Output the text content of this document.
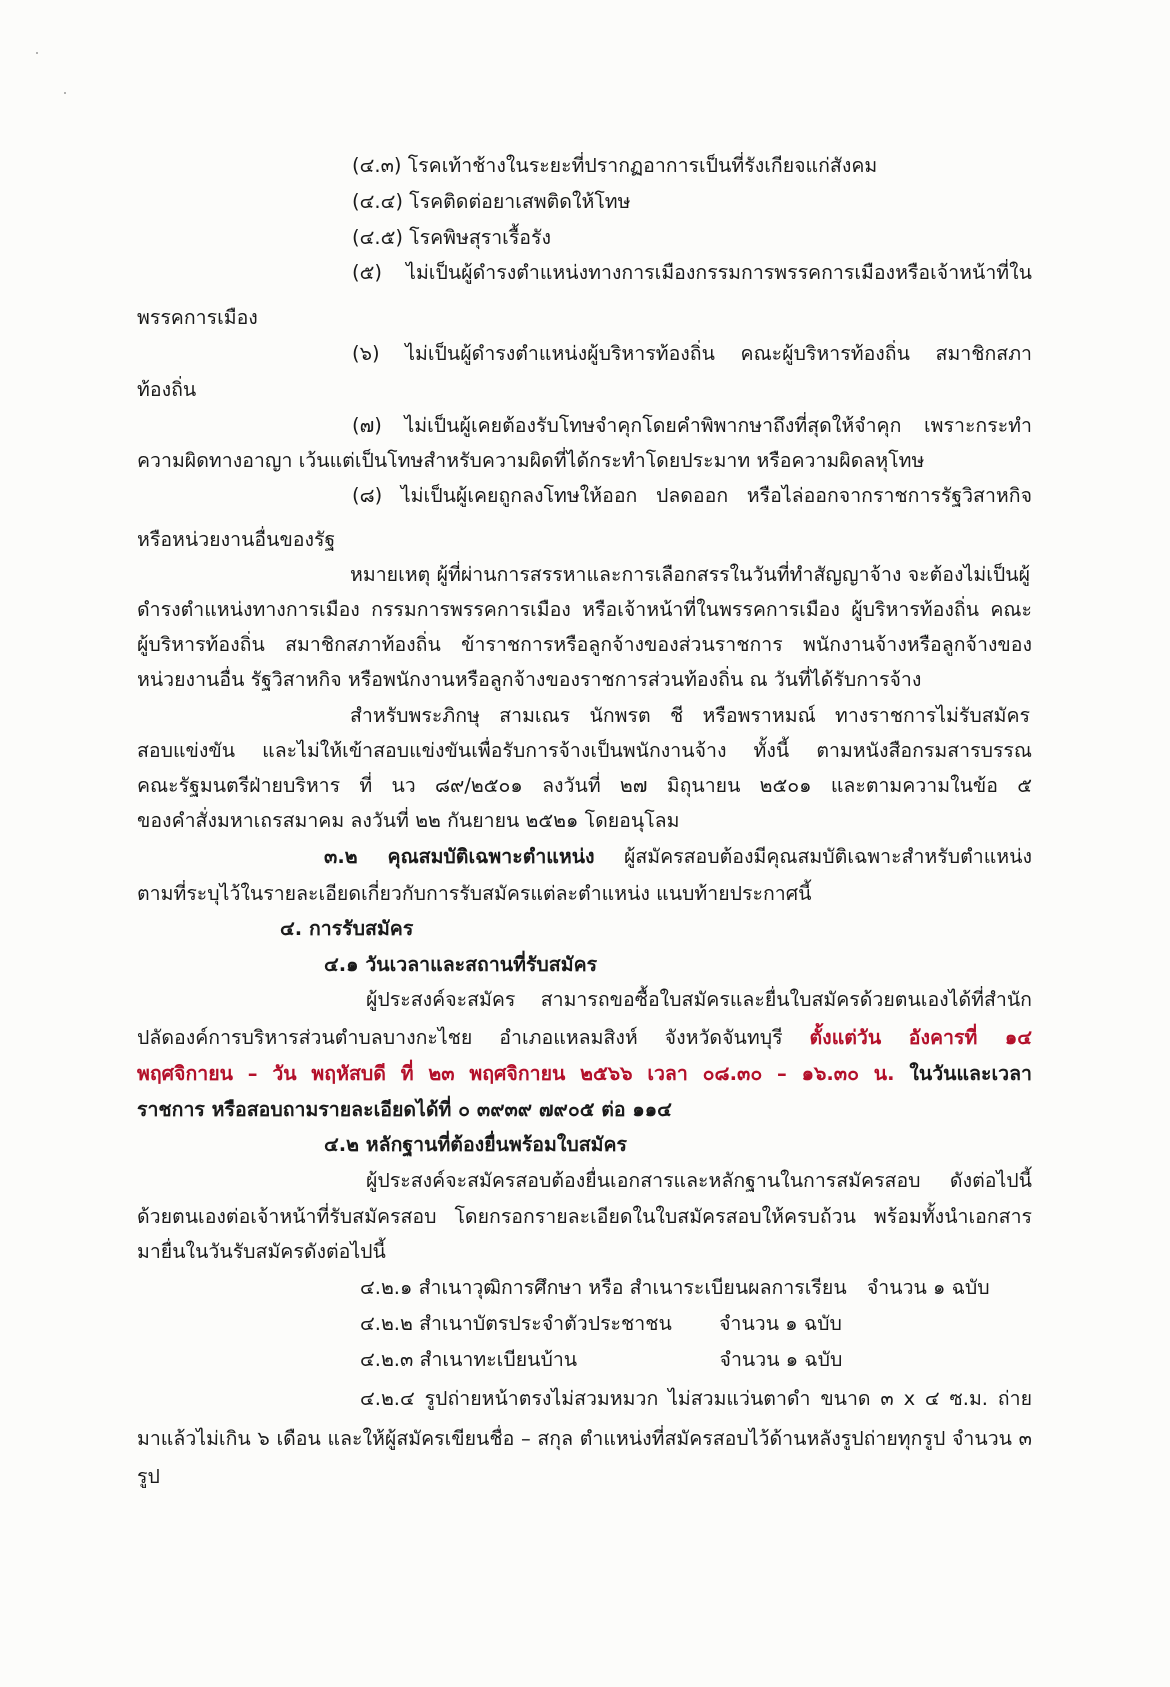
(๔.๓) โรคเท้าช้างในระยะที่ปรากฏอาการเป็นที่รังเกียจแก่สังคม
(๔.๔) โรคติดต่อยาเสพติดให้โทษ
(๔.๕) โรคพิษสุราเรื้อรัง
(๕) ไม่เป็นผู้ดำรงตำแหน่งทางการเมืองกรรมการพรรคการเมืองหรือเจ้าหน้าที่ใน
พรรคการเมือง
(๖) ไม่เป็นผู้ดำรงตำแหน่งผู้บริหารท้องถิ่น คณะผู้บริหารท้องถิ่น สมาชิกสภา
ท้องถิ่น
(๗) ไม่เป็นผู้เคยต้องรับโทษจำคุกโดยคำพิพากษาถึงที่สุดให้จำคุก เพราะกระทำ
ความผิดทางอาญา เว้นแต่เป็นโทษสำหรับความผิดที่ได้กระทำโดยประมาท หรือความผิดลหุโทษ
(๘) ไม่เป็นผู้เคยถูกลงโทษให้ออก ปลดออก หรือไล่ออกจากราชการรัฐวิสาหกิจ
หรือหน่วยงานอื่นของรัฐ
หมายเหตุ ผู้ที่ผ่านการสรรหาและการเลือกสรรในวันที่ทำสัญญาจ้าง จะต้องไม่เป็นผู้
ดำรงตำแหน่งทางการเมือง กรรมการพรรคการเมือง หรือเจ้าหน้าที่ในพรรคการเมือง ผู้บริหารท้องถิ่น คณะ
ผู้บริหารท้องถิ่น สมาชิกสภาท้องถิ่น ข้าราชการหรือลูกจ้างของส่วนราชการ พนักงานจ้างหรือลูกจ้างของ
หน่วยงานอื่น รัฐวิสาหกิจ หรือพนักงานหรือลูกจ้างของราชการส่วนท้องถิ่น ณ วันที่ได้รับการจ้าง
สำหรับพระภิกษุ สามเณร นักพรต ชี หรือพราหมณ์ ทางราชการไม่รับสมัคร
สอบแข่งขัน และไม่ให้เข้าสอบแข่งขันเพื่อรับการจ้างเป็นพนักงานจ้าง ทั้งนี้ ตามหนังสือกรมสารบรรณ
คณะรัฐมนตรีฝ่ายบริหาร ที่ นว ๘๙/๒๕๐๑ ลงวันที่ ๒๗ มิถุนายน ๒๕๐๑ และตามความในข้อ ๕
ของคำสั่งมหาเถรสมาคม ลงวันที่ ๒๒ กันยายน ๒๕๒๑ โดยอนุโลม
๓.๒ คุณสมบัติเฉพาะตำแหน่ง ผู้สมัครสอบต้องมีคุณสมบัติเฉพาะสำหรับตำแหน่ง
ตามที่ระบุไว้ในรายละเอียดเกี่ยวกับการรับสมัครแต่ละตำแหน่ง แนบท้ายประกาศนี้
๔. การรับสมัคร
๔.๑ วันเวลาและสถานที่รับสมัคร
ผู้ประสงค์จะสมัคร สามารถขอซื้อใบสมัครและยื่นใบสมัครด้วยตนเองได้ที่สำนัก
ปลัดองค์การบริหารส่วนตำบลบางกะไชย อำเภอแหลมสิงห์ จังหวัดจันทบุรี ตั้งแต่วัน อังคารที่ ๑๔
พฤศจิกายน – วัน พฤหัสบดี ที่ ๒๓ พฤศจิกายน ๒๕๖๖ เวลา ๐๘.๓๐ – ๑๖.๓๐ น. ในวันและเวลา
ราชการ หรือสอบถามรายละเอียดได้ที่ ๐ ๓๙๓๙ ๗๙๐๕ ต่อ ๑๑๔
๔.๒ หลักฐานที่ต้องยื่นพร้อมใบสมัคร
ผู้ประสงค์จะสมัครสอบต้องยื่นเอกสารและหลักฐานในการสมัครสอบ ดังต่อไปนี้
ด้วยตนเองต่อเจ้าหน้าที่รับสมัครสอบ โดยกรอกรายละเอียดในใบสมัครสอบให้ครบถ้วน พร้อมทั้งนำเอกสาร
มายื่นในวันรับสมัครดังต่อไปนี้
๔.๒.๑ สำเนาวุฒิการศึกษา หรือ สำเนาระเบียนผลการเรียน จำนวน ๑ ฉบับ
๔.๒.๒ สำเนาบัตรประจำตัวประชาชน จำนวน ๑ ฉบับ
๔.๒.๓ สำเนาทะเบียนบ้าน	จำนวน ๑ ฉบับ
๔.๒.๔ รูปถ่ายหน้าตรงไม่สวมหมวก ไม่สวมแว่นตาดำ ขนาด ๓ x ๔ ซ.ม. ถ่าย
มาแล้วไม่เกิน ๖ เดือน และให้ผู้สมัครเขียนชื่อ – สกุล ตำแหน่งที่สมัครสอบไว้ด้านหลังรูปถ่ายทุกรูป จำนวน ๓
รูป
